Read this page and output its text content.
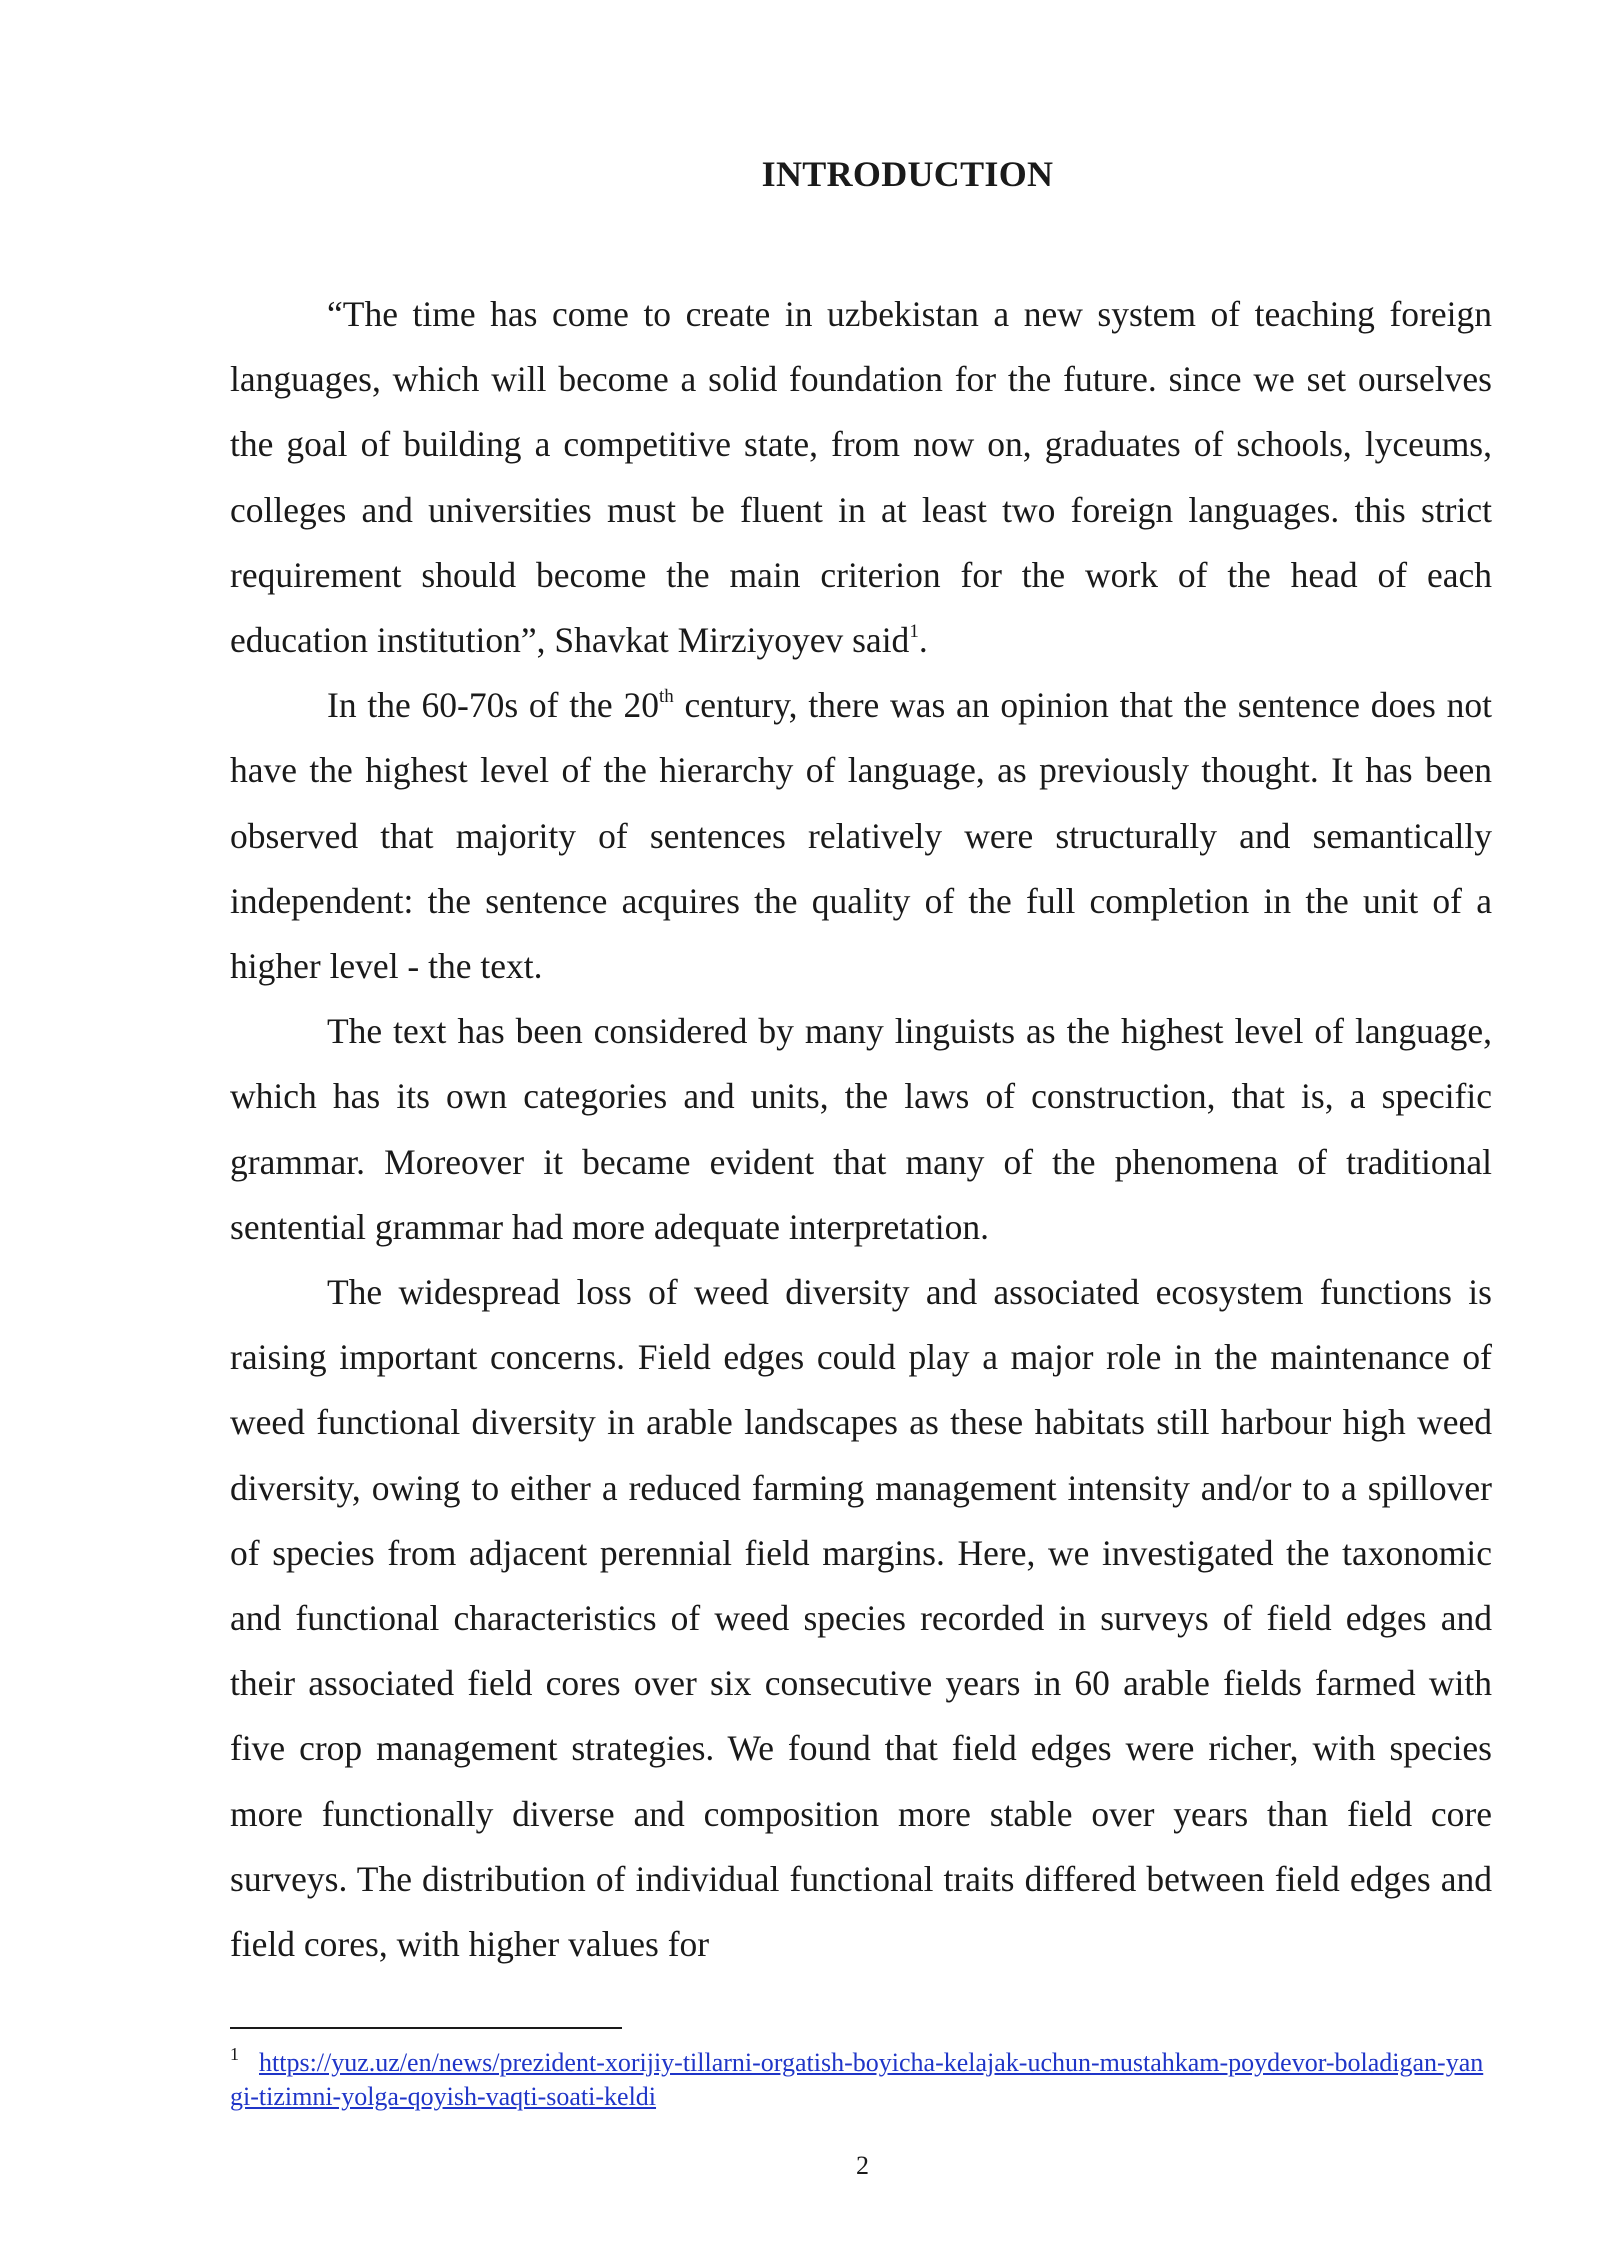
INTRODUCTION

“The time has come to create in uzbekistan a new system of teaching foreign languages, which will become a solid foundation for the future. since we set ourselves the goal of building a competitive state, from now on, graduates of schools, lyceums, colleges and universities must be fluent in at least two foreign languages. this strict requirement should become the main criterion for the work of the head of each education institution”, Shavkat Mirziyoyev said$^1$.

In the 60-70s of the 20th century, there was an opinion that the sentence does not have the highest level of the hierarchy of language, as previously thought. It has been observed that majority of sentences relatively were structurally and semantically independent: the sentence acquires the quality of the full completion in the unit of a higher level - the text.

The text has been considered by many linguists as the highest level of language, which has its own categories and units, the laws of construction, that is, a specific grammar. Moreover it became evident that many of the phenomena of traditional sentential grammar had more adequate interpretation.

The widespread loss of weed diversity and associated ecosystem functions is raising important concerns. Field edges could play a major role in the maintenance of weed functional diversity in arable landscapes as these habitats still harbour high weed diversity, owing to either a reduced farming management intensity and/or to a spillover of species from adjacent perennial field margins. Here, we investigated the taxonomic and functional characteristics of weed species recorded in surveys of field edges and their associated field cores over six consecutive years in 60 arable fields farmed with five crop management strategies. We found that field edges were richer, with species more functionally diverse and composition more stable over years than field core surveys. The distribution of individual functional traits differed between field edges and field cores, with higher values for

$^1$ https://yuz.uz/en/news/prezident-xorijiy-tillarni-orgatish-boyicha-kelajak-uchun-mustahkam-poydevor-boladigan-yangi-tizimni-yolga-qoyish-vaqti-soati-keldi
2
